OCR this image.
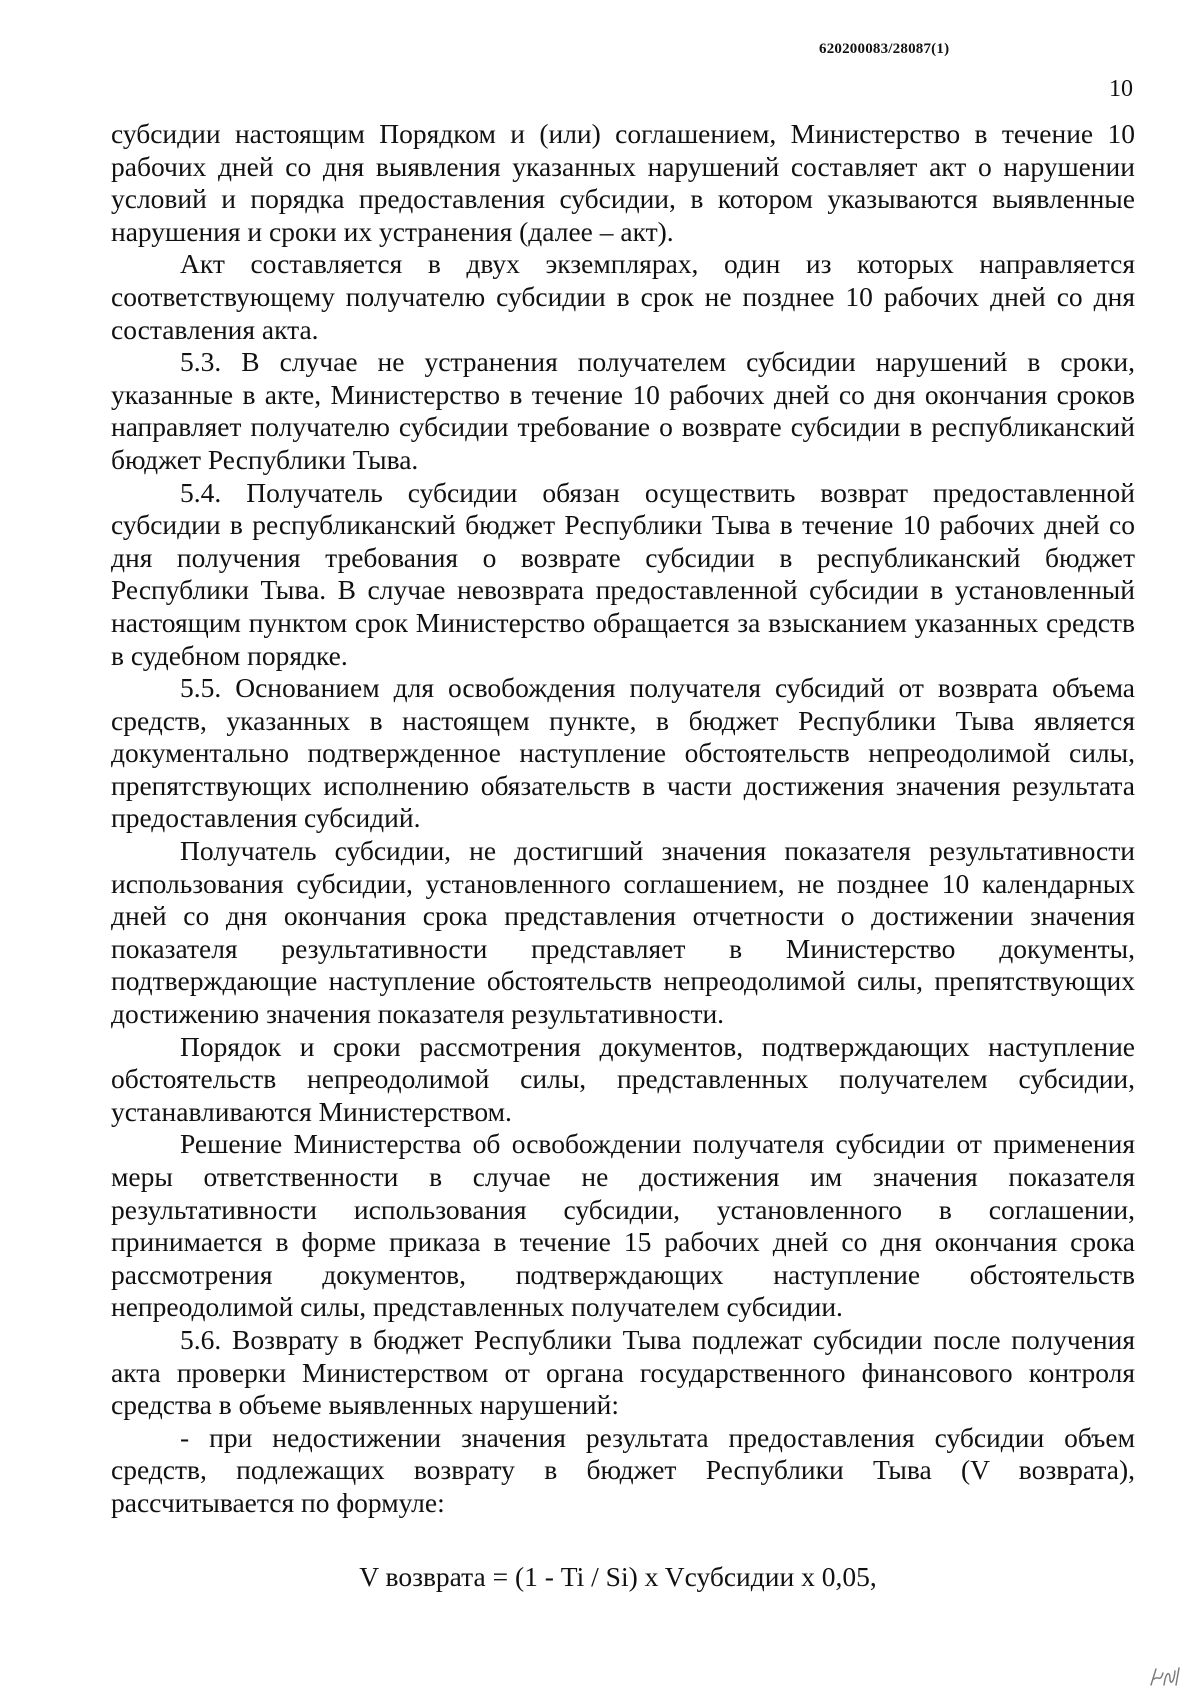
620200083/28087(1)
10

субсидии настоящим Порядком и (или) соглашением, Министерство в течение 10 рабочих дней со дня выявления указанных нарушений составляет акт о нарушении условий и порядка предоставления субсидии, в котором указываются выявленные нарушения и сроки их устранения (далее – акт).

Акт составляется в двух экземплярах, один из которых направляется соответствующему получателю субсидии в срок не позднее 10 рабочих дней со дня составления акта.

5.3. В случае не устранения получателем субсидии нарушений в сроки, указанные в акте, Министерство в течение 10 рабочих дней со дня окончания сроков направляет получателю субсидии требование о возврате субсидии в республиканский бюджет Республики Тыва.

5.4. Получатель субсидии обязан осуществить возврат предоставленной субсидии в республиканский бюджет Республики Тыва в течение 10 рабочих дней со дня получения требования о возврате субсидии в республиканский бюджет Республики Тыва. В случае невозврата предоставленной субсидии в установленный настоящим пунктом срок Министерство обращается за взысканием указанных средств в судебном порядке.

5.5. Основанием для освобождения получателя субсидий от возврата объема средств, указанных в настоящем пункте, в бюджет Республики Тыва является документально подтвержденное наступление обстоятельств непреодолимой силы, препятствующих исполнению обязательств в части достижения значения результата предоставления субсидий.

Получатель субсидии, не достигший значения показателя результативности использования субсидии, установленного соглашением, не позднее 10 календарных дней со дня окончания срока представления отчетности о достижении значения показателя результативности представляет в Министерство документы, подтверждающие наступление обстоятельств непреодолимой силы, препятствующих достижению значения показателя результативности.

Порядок и сроки рассмотрения документов, подтверждающих наступление обстоятельств непреодолимой силы, представленных получателем субсидии, устанавливаются Министерством.

Решение Министерства об освобождении получателя субсидии от применения меры ответственности в случае не достижения им значения показателя результативности использования субсидии, установленного в соглашении, принимается в форме приказа в течение 15 рабочих дней со дня окончания срока рассмотрения документов, подтверждающих наступление обстоятельств непреодолимой силы, представленных получателем субсидии.

5.6. Возврату в бюджет Республики Тыва подлежат субсидии после получения акта проверки Министерством от органа государственного финансового контроля средства в объеме выявленных нарушений:

- при недостижении значения результата предоставления субсидии объем средств, подлежащих возврату в бюджет Республики Тыва (V возврата), рассчитывается по формуле:

V возврата = (1 - Ti / Si) x Vсубсидии x 0,05,
